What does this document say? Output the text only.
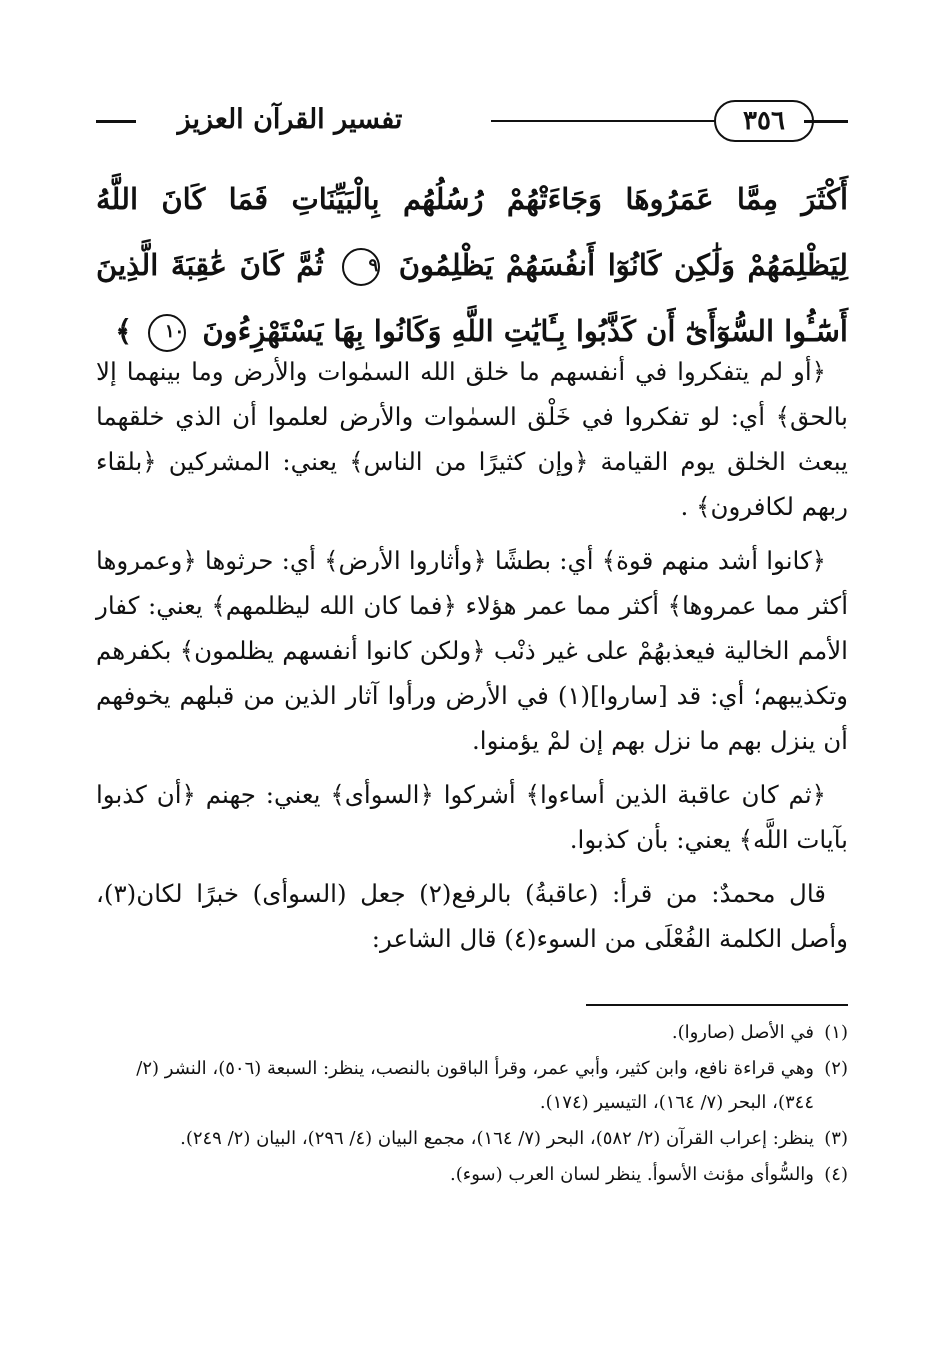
تفسير القرآن العزيز	٣٥٦
أَكْثَرَ مِمَّا عَمَرُوهَا وَجَاءَتْهُمْ رُسُلُهُم بِالْبَيِّنَاتِ فَمَا كَانَ اللَّهُ لِيَظْلِمَهُمْ وَلَٰكِن كَانُوٓا أَنفُسَهُمْ يَظْلِمُونَ ٩ ثُمَّ كَانَ عَٰقِبَةَ الَّذِينَ أَسَٰٓـُٔوا السُّوٓأَىٰٓ أَن كَذَّبُوا بِـَٔايَٰتِ اللَّهِ وَكَانُوا بِهَا يَسْتَهْزِءُونَ ١٠ ﴾

﴿أو لم يتفكروا في أنفسهم ما خلق الله السمٰوات والأرض وما بينهما إلا بالحق﴾ أي: لو تفكروا في خَلْق السمٰوات والأرض لعلموا أن الذي خلقهما يبعث الخلق يوم القيامة ﴿وإن كثيرًا من الناس﴾ يعني: المشركين ﴿بلقاء ربهم لكافرون﴾ .

﴿كانوا أشد منهم قوة﴾ أي: بطشًا ﴿وأثاروا الأرض﴾ أي: حرثوها ﴿وعمروها أكثر مما عمروها﴾ أكثر مما عمر هؤلاء ﴿فما كان الله ليظلمهم﴾ يعني: كفار الأمم الخالية فيعذبهُمْ على غير ذنْب ﴿ولكن كانوا أنفسهم يظلمون﴾ بكفرهم وتكذيبهم؛ أي: قد [ساروا](١) في الأرض ورأوا آثار الذين من قبلهم يخوفهم أن ينزل بهم ما نزل بهم إن لمْ يؤمنوا.

﴿ثم كان عاقبة الذين أساءوا﴾ أشركوا ﴿السوأى﴾ يعني: جهنم ﴿أن كذبوا بآيات اللَّه﴾ يعني: بأن كذبوا.

قال محمدٌ: من قرأ: (عاقبةُ) بالرفع(٢) جعل (السوأى) خبرًا لكان(٣)، وأصل الكلمة الفُعْلَى من السوء(٤) قال الشاعر:

(١)
في الأصل (صاروا).
(٢)
وهي قراءة نافع، وابن كثير، وأبي عمر، وقرأ الباقون بالنصب، ينظر: السبعة (٥٠٦)، النشر (٢/ ٣٤٤)، البحر (٧/ ١٦٤)، التيسير (١٧٤).
(٣)
ينظر: إعراب القرآن (٢/ ٥٨٢)، البحر (٧/ ١٦٤)، مجمع البيان (٤/ ٢٩٦)، البيان (٢/ ٢٤٩).
(٤)
والسُّوأى مؤنث الأسوأ. ينظر لسان العرب (سوء).
